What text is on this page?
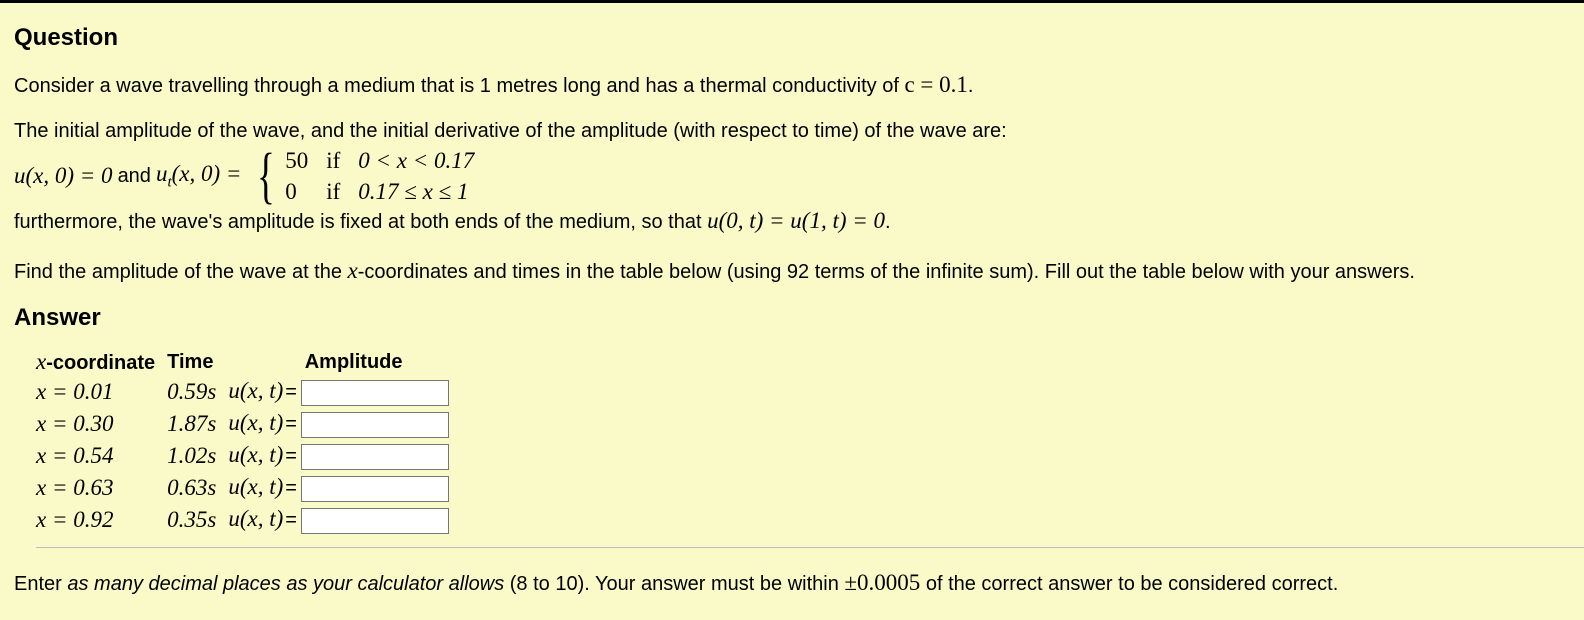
Question
Consider a wave travelling through a medium that is 1 metres long and has a thermal conductivity of c = 0.1.
The initial amplitude of the wave, and the initial derivative of the amplitude (with respect to time) of the wave are:
u(x, 0) = 0 and $u_t(x$, 0) = { 50 if 0 < x < 0.17
0	if 0.17 ≤ x ≤ 1
furthermore, the wave's amplitude is fixed at both ends of the medium, so that u(0, t) = u(1, t) = 0.
Find the amplitude of the wave at the x-coordinates and times in the table below (using 92 terms of the infinite sum). Fill out the table below with your answers.
Answer
x-coordinate	Time	Amplitude
x = 0.01	0.59s	u(x, t) =
x = 0.30	1.87s	u(x, t) =
x = 0.54	1.02s	u(x, t) =
x = 0.63	0.63s	u(x, t) =
x = 0.92	0.35s	u(x, t) =
Enter as many decimal places as your calculator allows (8 to 10). Your answer must be within ±0.0005 of the correct answer to be considered correct.
